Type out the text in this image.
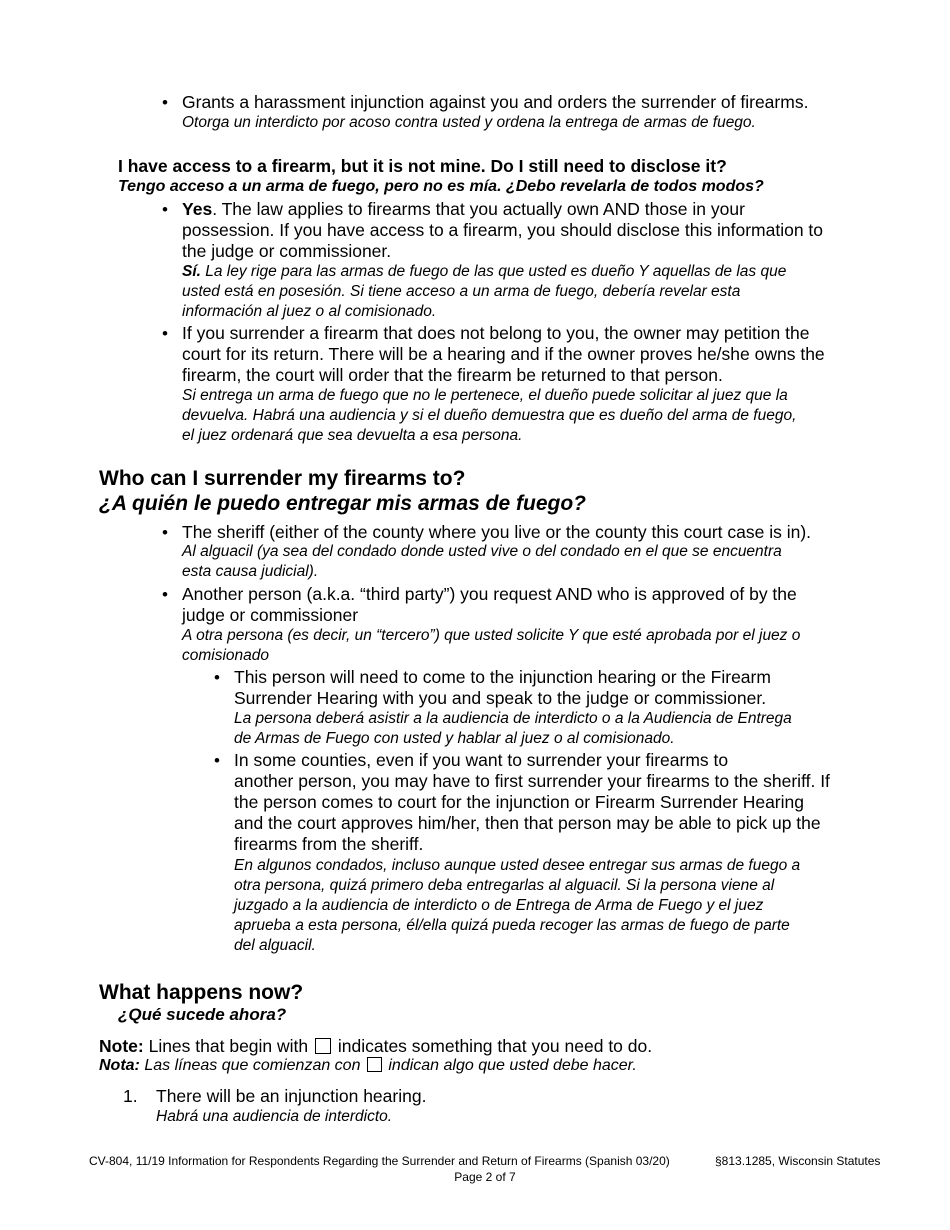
• Grants a harassment injunction against you and orders the surrender of firearms.
Otorga un interdicto por acoso contra usted y ordena la entrega de armas de fuego.
I have access to a firearm, but it is not mine. Do I still need to disclose it?
Tengo acceso a un arma de fuego, pero no es mía. ¿Debo revelarla de todos modos?
• Yes. The law applies to firearms that you actually own AND those in your
possession. If you have access to a firearm, you should disclose this information to
the judge or commissioner.
Sí. La ley rige para las armas de fuego de las que usted es dueño Y aquellas de las que
usted está en posesión. Si tiene acceso a un arma de fuego, debería revelar esta
información al juez o al comisionado.
• If you surrender a firearm that does not belong to you, the owner may petition the
court for its return. There will be a hearing and if the owner proves he/she owns the
firearm, the court will order that the firearm be returned to that person.
Si entrega un arma de fuego que no le pertenece, el dueño puede solicitar al juez que la
devuelva. Habrá una audiencia y si el dueño demuestra que es dueño del arma de fuego,
el juez ordenará que sea devuelta a esa persona.
Who can I surrender my firearms to?
¿A quién le puedo entregar mis armas de fuego?
• The sheriff (either of the county where you live or the county this court case is in).
Al alguacil (ya sea del condado donde usted vive o del condado en el que se encuentra
esta causa judicial).
• Another person (a.k.a. “third party”) you request AND who is approved of by the
judge or commissioner
A otra persona (es decir, un “tercero”) que usted solicite Y que esté aprobada por el juez o
comisionado
• This person will need to come to the injunction hearing or the Firearm
Surrender Hearing with you and speak to the judge or commissioner.
La persona deberá asistir a la audiencia de interdicto o a la Audiencia de Entrega
de Armas de Fuego con usted y hablar al juez o al comisionado.
• In some counties, even if you want to surrender your firearms to
another person, you may have to first surrender your firearms to the sheriff. If
the person comes to court for the injunction or Firearm Surrender Hearing
and the court approves him/her, then that person may be able to pick up the
firearms from the sheriff.
En algunos condados, incluso aunque usted desee entregar sus armas de fuego a
otra persona, quizá primero deba entregarlas al alguacil. Si la persona viene al
juzgado a la audiencia de interdicto o de Entrega de Arma de Fuego y el juez
aprueba a esta persona, él/ella quizá pueda recoger las armas de fuego de parte
del alguacil.
What happens now?
¿Qué sucede ahora?
Note: Lines that begin with  indicates something that you need to do.
Nota: Las líneas que comienzan con  indican algo que usted debe hacer.
1. There will be an injunction hearing.
Habrá una audiencia de interdicto.
CV-804, 11/19 Information for Respondents Regarding the Surrender and Return of Firearms (Spanish 03/20)	§813.1285, Wisconsin Statutes
Page 2 of 7
